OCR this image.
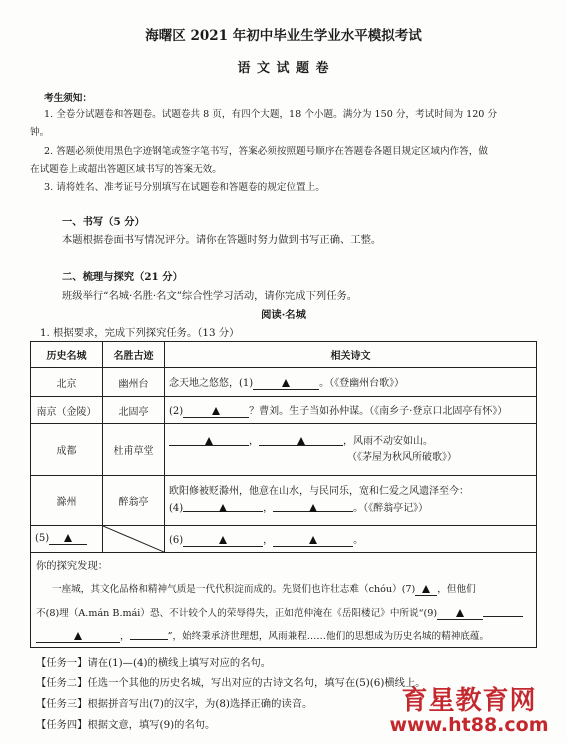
海曙区 2021 年初中毕业生学业水平模拟考试
语 文 试 题 卷
考生须知：
1. 全卷分试题卷和答题卷。试题卷共 8 页，有四个大题，18 个小题。满分为 150 分，考试时间为 120 分
钟。
2. 答题必须使用黑色字迹钢笔或签字笔书写，答案必须按照题号顺序在答题卷各题目规定区域内作答，做
在试题卷上或超出答题区域书写的答案无效。
3. 请将姓名、准考证号分别填写在试题卷和答题卷的规定位置上。
一、书写（5 分）
本题根据卷面书写情况评分。请你在答题时努力做到书写正确、工整。
二、梳理与探究（21 分）
班级举行“名城·名胜·名文”综合性学习活动，请你完成下列任务。
阅读·名城
1. 根据要求，完成下列探究任务。（13 分）
历史名城	名胜古迹	相关诗文
北京	幽州台	念天地之悠悠，(1) 。（《登幽州台歌》）
南京（金陵）	北固亭	(2) ？曹刘。生子当如孙仲谋。（《南乡子·登京口北固亭有怀》）
成都	杜甫草堂	， ，风雨不动安如山。
（《茅屋为秋风所破歌》）

滁州	醉翁亭	欧阳修被贬滁州，他意在山水，与民同乐，宽和仁爱之风遗泽至今：
(4) ， 。（《醉翁亭记》）

(5)		(6) ， 。
你的探究发现：
一座城，其文化品格和精神气质是一代代积淀而成的。先贤们也许壮志难（chóu）(7) ，但他们
不(8)埋（A.mán B.mái）恐、不计较个人的荣辱得失，正如范仲淹在《岳阳楼记》中所说“(9)
，	”，始终秉承济世理想，风雨兼程……他们的思想成为历史名城的精神底蕴。
【任务一】请在(1)—(4)的横线上填写对应的名句。
【任务二】任选一个其他的历史名城，写出对应的古诗文名句，填写在(5)(6)横线上。
【任务三】根据拼音写出(7)的汉字，为(8)选择正确的读音。
【任务四】根据文意，填写(9)的名句。
育星教育网
www.ht88.com
